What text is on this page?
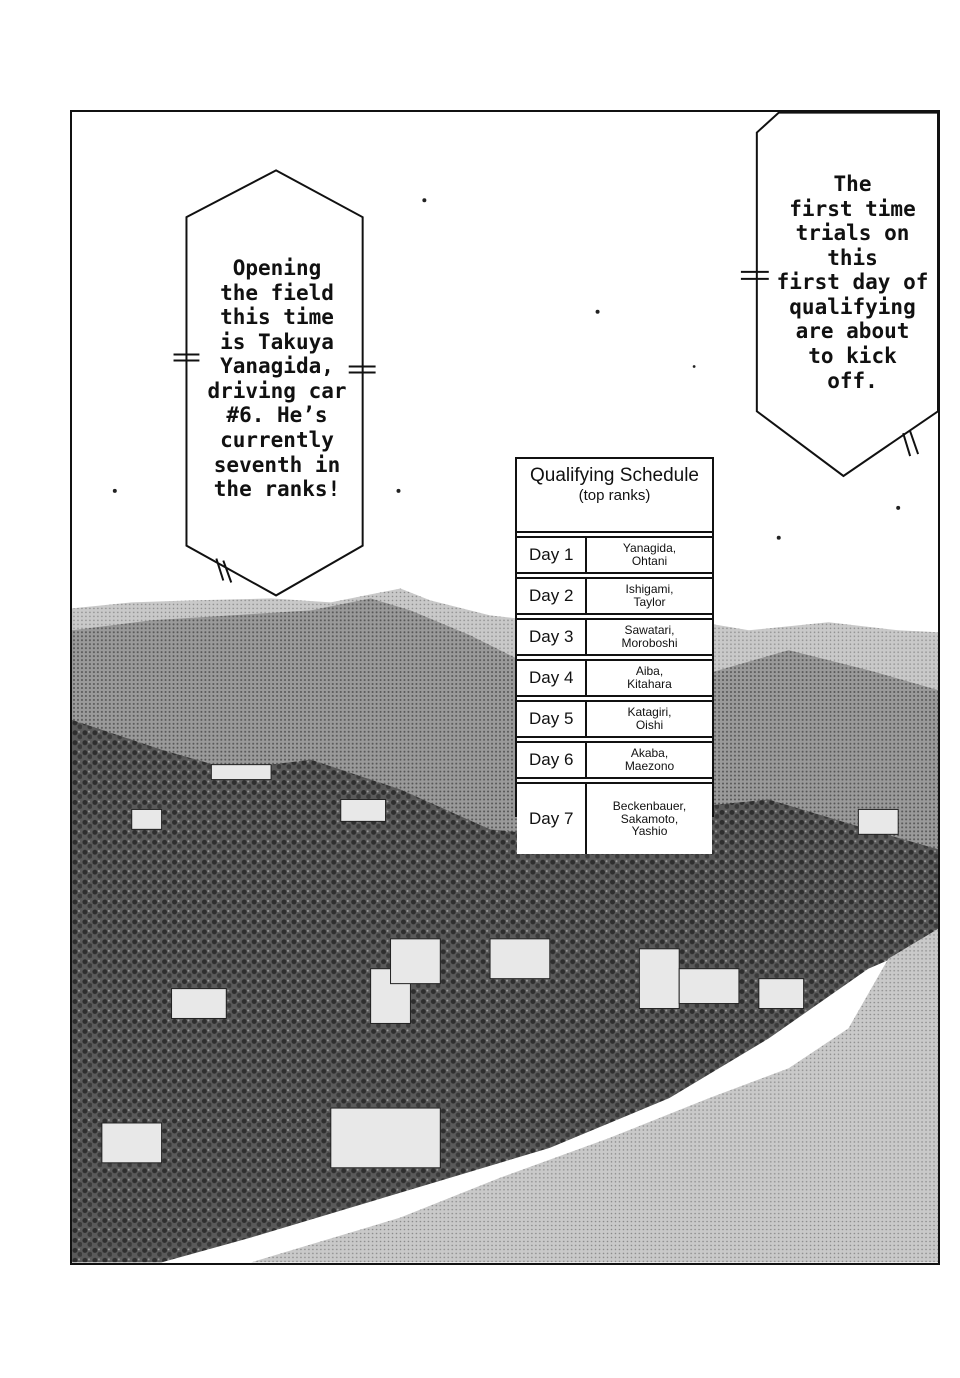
Opening
the field
this time
is Takuya
Yanagida,
driving car
#6. He’s
currently
seventh in
the ranks!
The
first time
trials on this
first day of
qualifying
are about
to kick
off.
Qualifying Schedule
(top ranks)
Day 1	Yanagida,
Ohtani
Day 2	Ishigami,
Taylor
Day 3	Sawatari,
Moroboshi
Day 4	Aiba,
Kitahara
Day 5	Katagiri,
Oishi
Day 6	Akaba,
Maezono
Day 7
Beckenbauer,
Sakamoto,
Yashio
